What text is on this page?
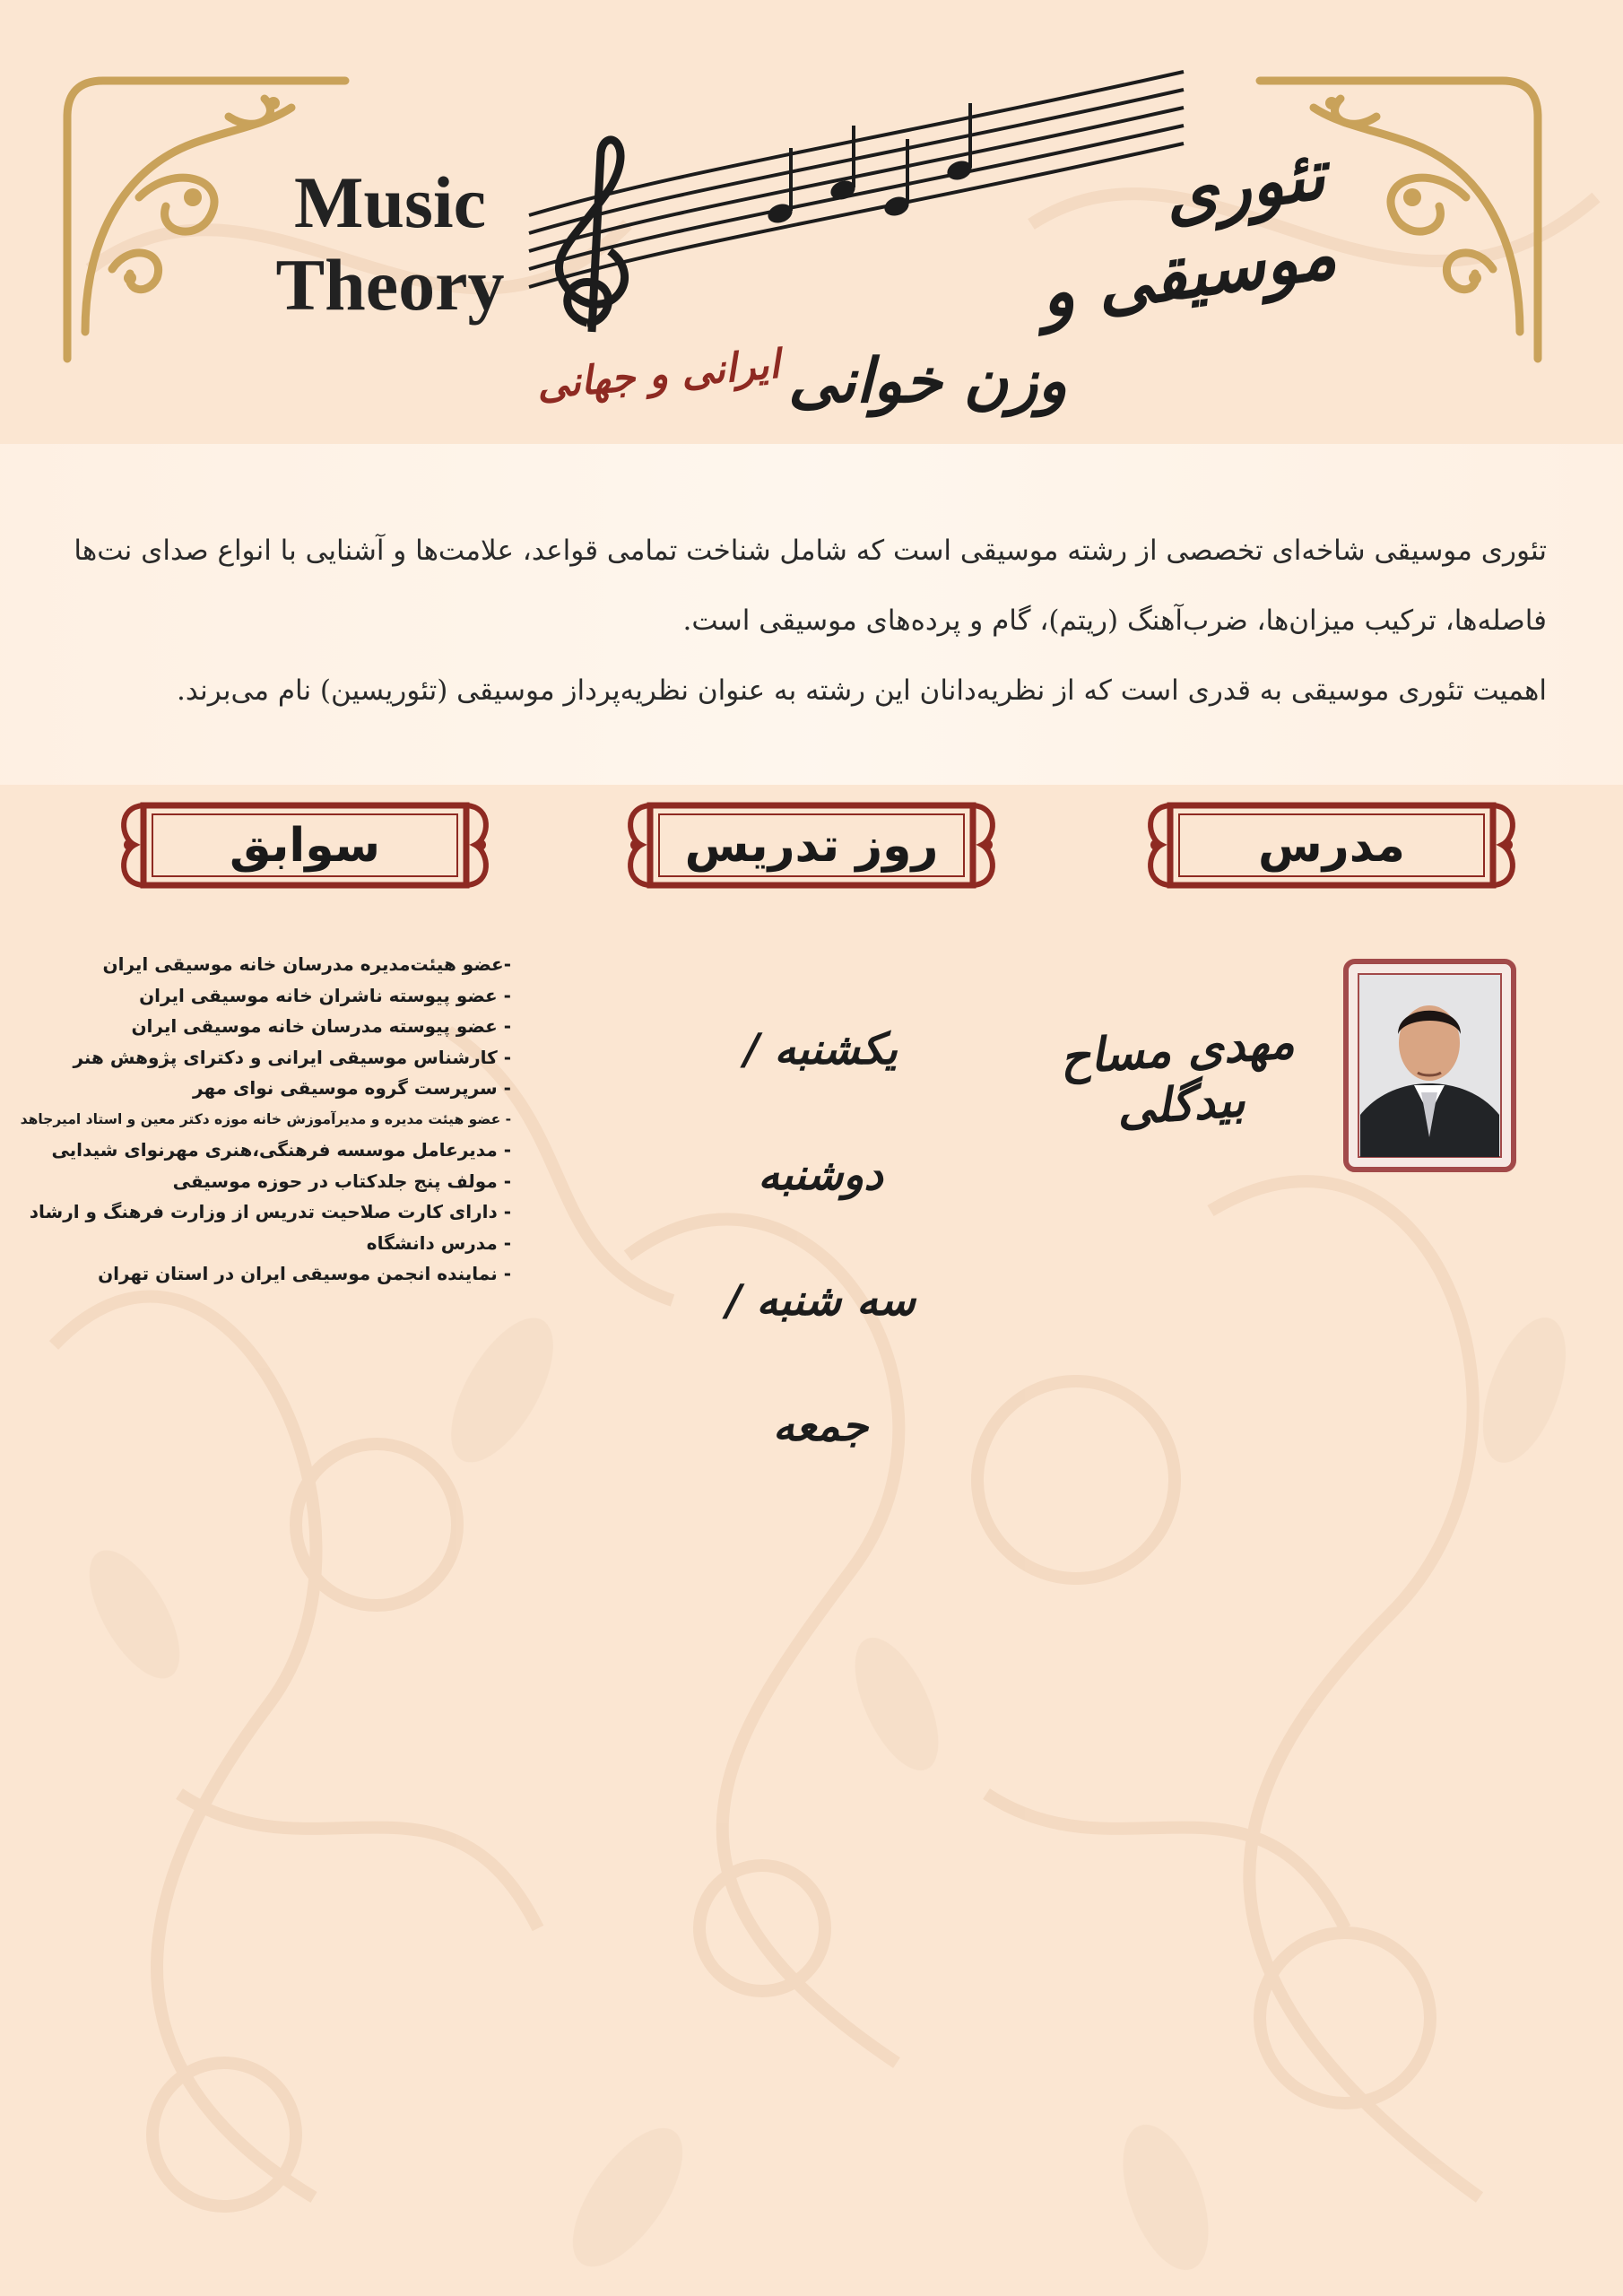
Music
Theory
تئوری موسیقی و
وزن خوانی
ایرانی و جهانی

تئوری موسیقی شاخه‌ای تخصصی از رشته موسیقی است که شامل شناخت تمامی قواعد، علامت‌ها و آشنایی با انواع صدای نت‌ها فاصله‌ها، ترکیب میزان‌ها، ضرب‌آهنگ (ریتم)، گام و پرده‌های موسیقی است.

اهمیت تئوری موسیقی به قدری است که از نظریه‌دانان این رشته به عنوان نظریه‌پرداز موسیقی (تئوریسین) نام می‌برند.

مدرس
روز تدریس
سوابق
مهدی مساح بیدگلی
یکشنبه / دوشنبه
سه شنبه / جمعه
-عضو هیئت‌مدیره مدرسان خانه موسیقی ایران
- عضو پیوسته ناشران خانه موسیقی ایران
- عضو پیوسته مدرسان خانه موسیقی ایران
- کارشناس موسیقی ایرانی و دکترای پژوهش هنر
- سرپرست گروه موسیقی نوای مهر
- عضو هیئت مدیره و مدیرآموزش خانه موزه دکتر معین و استاد امیرجاهد
- مدیرعامل موسسه فرهنگی،هنری مهرنوای شیدایی
- مولف پنج جلدکتاب در حوزه موسیقی
- دارای کارت صلاحیت تدریس از وزارت فرهنگ و ارشاد
- مدرس دانشگاه
- نماینده انجمن موسیقی ایران در استان تهران
